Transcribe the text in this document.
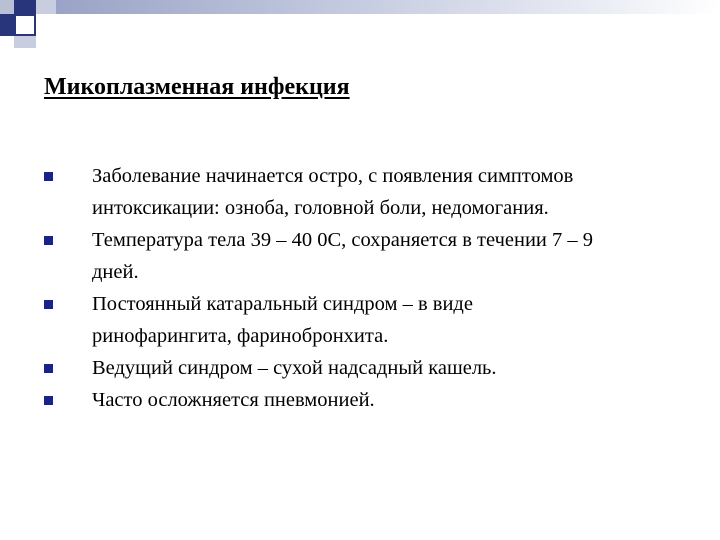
Микоплазменная инфекция
Заболевание начинается остро, с появления симптомов
интоксикации: озноба, головной боли, недомогания.
Температура тела 39 – 40 0С, сохраняется в течении 7 – 9
дней.
Постоянный катаральный синдром – в виде
ринофарингита, фаринобронхита.
Ведущий синдром – сухой надсадный кашель.
Часто осложняется пневмонией.
